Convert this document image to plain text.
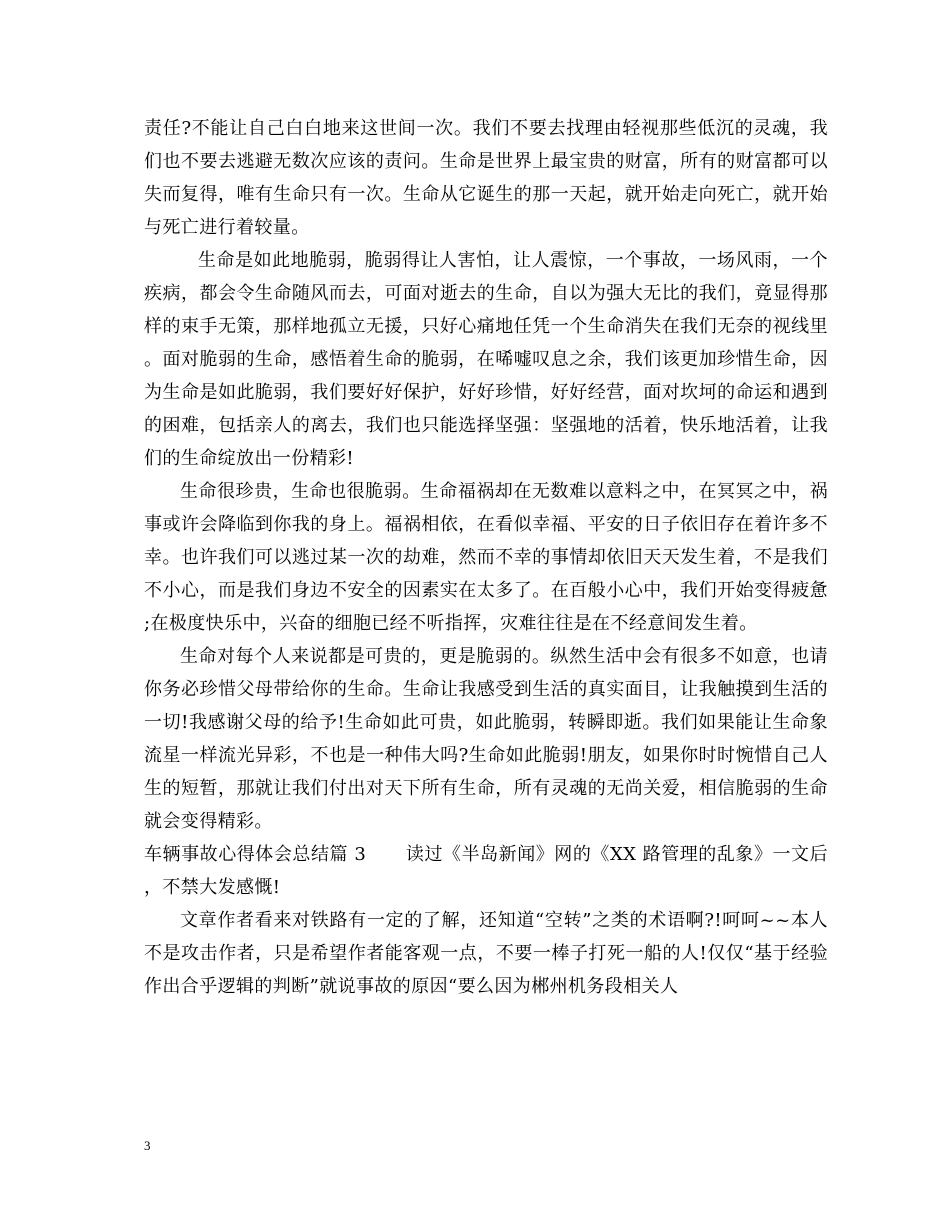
责任?不能让自己白白地来这世间一次。我们不要去找理由轻视那些低沉的灵魂，我们也不要去逃避无数次应该的责问。生命是世界上最宝贵的财富，所有的财富都可以失而复得，唯有生命只有一次。生命从它诞生的那一天起，就开始走向死亡，就开始与死亡进行着较量。

生命是如此地脆弱，脆弱得让人害怕，让人震惊，一个事故，一场风雨，一个疾病，都会令生命随风而去，可面对逝去的生命，自以为强大无比的我们，竟显得那样的束手无策，那样地孤立无援，只好心痛地任凭一个生命消失在我们无奈的视线里。面对脆弱的生命，感悟着生命的脆弱，在唏嘘叹息之余，我们该更加珍惜生命，因为生命是如此脆弱，我们要好好保护，好好珍惜，好好经营，面对坎坷的命运和遇到的困难，包括亲人的离去，我们也只能选择坚强：坚强地的活着，快乐地活着，让我们的生命绽放出一份精彩!

生命很珍贵，生命也很脆弱。生命福祸却在无数难以意料之中，在冥冥之中，祸事或许会降临到你我的身上。福祸相依，在看似幸福、平安的日子依旧存在着许多不幸。也许我们可以逃过某一次的劫难，然而不幸的事情却依旧天天发生着，不是我们不小心，而是我们身边不安全的因素实在太多了。在百般小心中，我们开始变得疲惫;在极度快乐中，兴奋的细胞已经不听指挥，灾难往往是在不经意间发生着。

生命对每个人来说都是可贵的，更是脆弱的。纵然生活中会有很多不如意，也请你务必珍惜父母带给你的生命。生命让我感受到生活的真实面目，让我触摸到生活的一切!我感谢父母的给予!生命如此可贵，如此脆弱，转瞬即逝。我们如果能让生命象流星一样流光异彩，不也是一种伟大吗?生命如此脆弱!朋友，如果你时时惋惜自己人生的短暂，那就让我们付出对天下所有生命，所有灵魂的无尚关爱，相信脆弱的生命就会变得精彩。

车辆事故心得体会总结篇 3 读过《半岛新闻》网的《XX 路管理的乱象》一文后，不禁大发感慨!

文章作者看来对铁路有一定的了解，还知道“空转”之类的术语啊?!呵呵~~本人不是攻击作者，只是希望作者能客观一点，不要一棒子打死一船的人!仅仅“基于经验作出合乎逻辑的判断”就说事故的原因“要么因为郴州机务段相关人

3
